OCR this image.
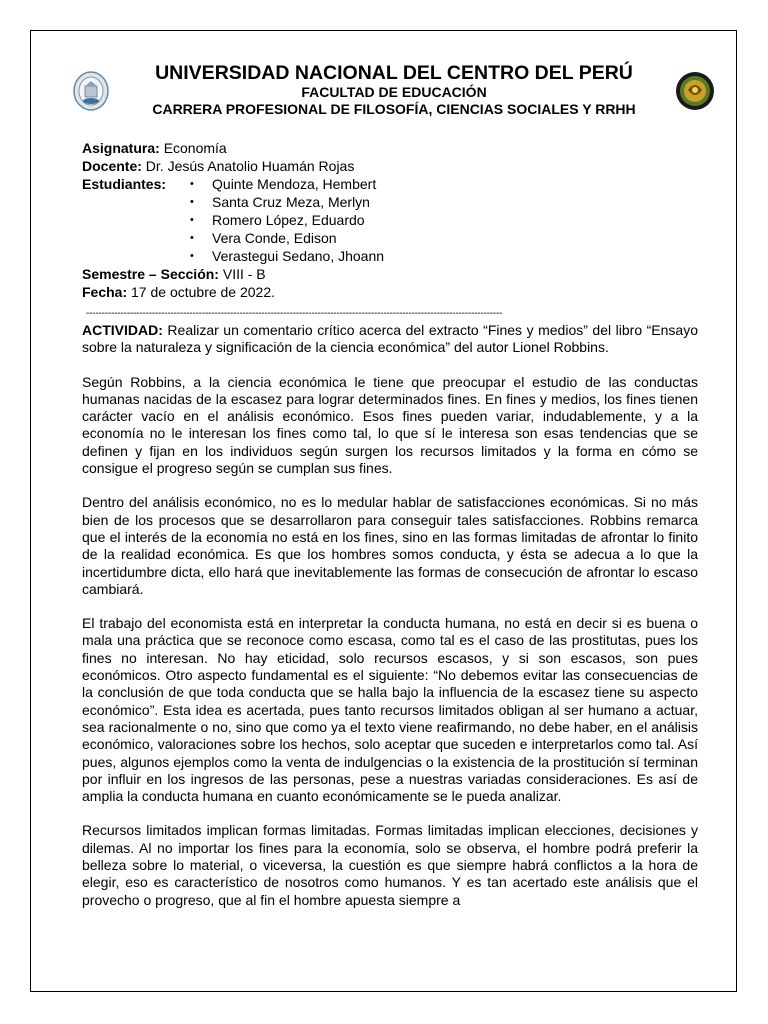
UNIVERSIDAD NACIONAL DEL CENTRO DEL PERÚ
FACULTAD DE EDUCACIÓN
CARRERA PROFESIONAL DE FILOSOFÍA, CIENCIAS SOCIALES Y RRHH
Asignatura:
Economía
Docente:
Dr. Jesús Anatolio Huamán Rojas
Estudiantes:
•	Quinte Mendoza, Hembert
• Santa Cruz Meza, Merlyn
• Romero López, Eduardo
• Vera Conde, Edison
• Verastegui Sedano, Jhoann
Semestre – Sección:
VIII - B
Fecha:
17 de octubre de 2022.
-------------------------------------------------------------------------------------------------------------------------------------

ACTIVIDAD: Realizar un comentario crítico acerca del extracto “Fines y medios” del libro “Ensayo sobre la naturaleza y significación de la ciencia económica” del autor Lionel Robbins.

Según Robbins, a la ciencia económica le tiene que preocupar el estudio de las conductas humanas nacidas de la escasez para lograr determinados fines. En fines y medios, los fines tienen carácter vacío en el análisis económico. Esos fines pueden variar, indudablemente, y a la economía no le interesan los fines como tal, lo que sí le interesa son esas tendencias que se definen y fijan en los individuos según surgen los recursos limitados y la forma en cómo se consigue el progreso según se cumplan sus fines.

Dentro del análisis económico, no es lo medular hablar de satisfacciones económicas. Si no más bien de los procesos que se desarrollaron para conseguir tales satisfacciones. Robbins remarca que el interés de la economía no está en los fines, sino en las formas limitadas de afrontar lo finito de la realidad económica. Es que los hombres somos conducta, y ésta se adecua a lo que la incertidumbre dicta, ello hará que inevitablemente las formas de consecución de afrontar lo escaso cambiará.

El trabajo del economista está en interpretar la conducta humana, no está en decir si es buena o mala una práctica que se reconoce como escasa, como tal es el caso de las prostitutas, pues los fines no interesan. No hay eticidad, solo recursos escasos, y si son escasos, son pues económicos. Otro aspecto fundamental es el siguiente: “No debemos evitar las consecuencias de la conclusión de que toda conducta que se halla bajo la influencia de la escasez tiene su aspecto económico”. Esta idea es acertada, pues tanto recursos limitados obligan al ser humano a actuar, sea racionalmente o no, sino que como ya el texto viene reafirmando, no debe haber, en el análisis económico, valoraciones sobre los hechos, solo aceptar que suceden e interpretarlos como tal. Así pues, algunos ejemplos como la venta de indulgencias o la existencia de la prostitución sí terminan por influir en los ingresos de las personas, pese a nuestras variadas consideraciones. Es así de amplia la conducta humana en cuanto económicamente se le pueda analizar.

Recursos limitados implican formas limitadas. Formas limitadas implican elecciones, decisiones y dilemas. Al no importar los fines para la economía, solo se observa, el hombre podrá preferir la belleza sobre lo material, o viceversa, la cuestión es que siempre habrá conflictos a la hora de elegir, eso es característico de nosotros como humanos. Y es tan acertado este análisis que el provecho o progreso, que al fin el hombre apuesta siempre a
